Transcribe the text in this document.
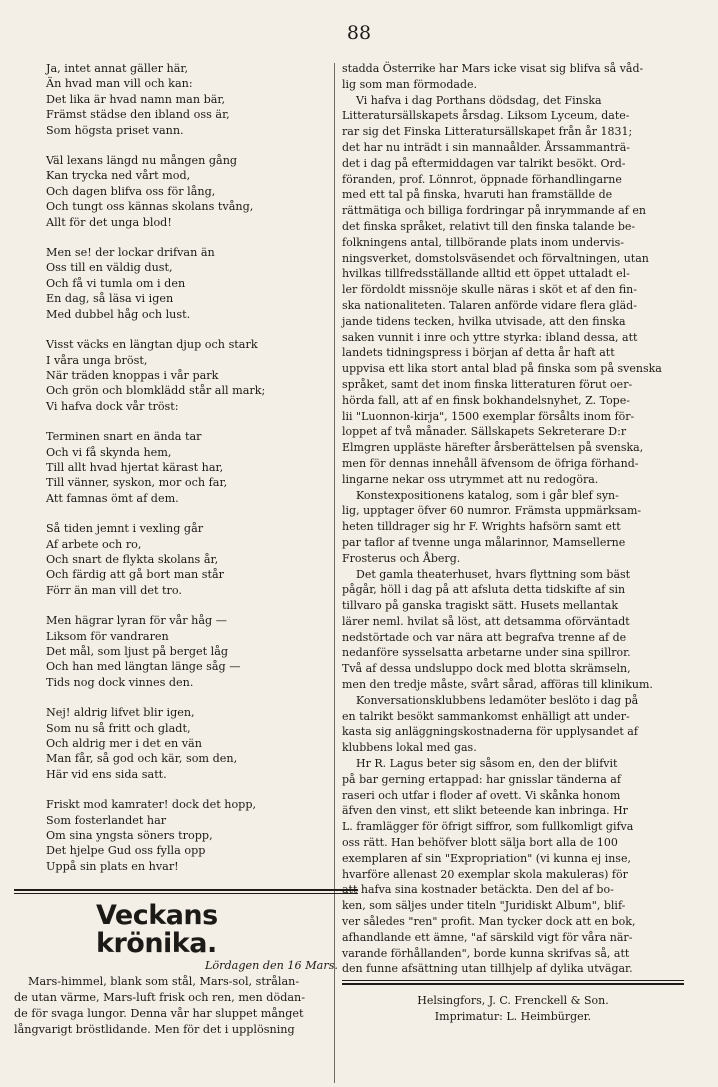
88
Ja, intet annat gäller här,
Än hvad man vill och kan:
Det lika är hvad namn man bär,
Främst städse den ibland oss är,
Som högsta priset vann.
Väl lexans längd nu mången gång
Kan trycka ned vårt mod,
Och dagen blifva oss för lång,
Och tungt oss kännas skolans tvång,
Allt för det unga blod!
Men se! der lockar drifvan än
Oss till en väldig dust,
Och få vi tumla om i den
En dag, så läsa vi igen
Med dubbel håg och lust.
Visst väcks en längtan djup och stark
I våra unga bröst,
När träden knoppas i vår park
Och grön och blomklädd står all mark;
Vi hafva dock vår tröst:
Terminen snart en ända tar
Och vi få skynda hem,
Till allt hvad hjertat kärast har,
Till vänner, syskon, mor och far,
Att famnas ömt af dem.
Så tiden jemnt i vexling går
Af arbete och ro,
Och snart de flykta skolans år,
Och färdig att gå bort man står
Förr än man vill det tro.
Men hägrar lyran för vår håg —
Liksom för vandraren
Det mål, som ljust på berget låg
Och han med längtan länge såg —
Tids nog dock vinnes den.
Nej! aldrig lifvet blir igen,
Som nu så fritt och gladt,
Och aldrig mer i det en vän
Man får, så god och kär, som den,
Här vid ens sida satt.
Friskt mod kamrater! dock det hopp,
Som fosterlandet har
Om sina yngsta söners tropp,
Det hjelpe Gud oss fylla opp
Uppå sin plats en hvar!
Veckans krönika.
Lördagen den 16 Mars.
Mars-himmel, blank som stål, Mars-sol, strålan-
de utan värme, Mars-luft frisk och ren, men dödan-
de för svaga lungor. Denna vår har sluppet månget
långvarigt bröstlidande. Men för det i upplösning
stadda Österrike har Mars icke visat sig blifva så våd-
lig som man förmodade.
Vi hafva i dag Porthans dödsdag, det Finska
Litteratursällskapets årsdag. Liksom Lyceum, date-
rar sig det Finska Litteratursällskapet från år 1831;
det har nu inträdt i sin mannaålder. Årssammanträ-
det i dag på eftermiddagen var talrikt besökt. Ord-
föranden, prof. Lönnrot, öppnade förhandlingarne
med ett tal på finska, hvaruti han framställde de
rättmätiga och billiga fordringar på inrymmande af en
det finska språket, relativt till den finska talande be-
folkningens antal, tillbörande plats inom undervis-
ningsverket, domstolsväsendet och förvaltningen, utan
hvilkas tillfredsställande alltid ett öppet uttaladt el-
ler fördoldt missnöje skulle näras i sköt et af den fin-
ska nationaliteten. Talaren anförde vidare flera gläd-
jande tidens tecken, hvilka utvisade, att den finska
saken vunnit i inre och yttre styrka: ibland dessa, att
landets tidningspress i början af detta år haft att
uppvisa ett lika stort antal blad på finska som på svenska
språket, samt det inom finska litteraturen förut oer-
hörda fall, att af en finsk bokhandelsnyhet, Z. Tope-
lii "Luonnon-kirja", 1500 exemplar försålts inom för-
loppet af två månader. Sällskapets Sekreterare D:r
Elmgren uppläste härefter årsberättelsen på svenska,
men för dennas innehåll äfvensom de öfriga förhand-
lingarne nekar oss utrymmet att nu redogöra.
Konstexpositionens katalog, som i går blef syn-
lig, upptager öfver 60 numror. Främsta uppmärksam-
heten tilldrager sig hr F. Wrights hafsörn samt ett
par taflor af tvenne unga målarinnor, Mamsellerne
Frosterus och Åberg.
Det gamla theaterhuset, hvars flyttning som bäst
pågår, höll i dag på att afsluta detta tidskifte af sin
tillvaro på ganska tragiskt sätt. Husets mellantak
lärer neml. hvilat så löst, att detsamma oförväntadt
nedstörtade och var nära att begrafva trenne af de
nedanföre sysselsatta arbetarne under sina spillror.
Två af dessa undsluppo dock med blotta skrämseln,
men den tredje måste, svårt sårad, afföras till klinikum.
Konversationsklubbens ledamöter beslöto i dag på
en talrikt besökt sammankomst enhälligt att under-
kasta sig anläggningskostnaderna för upplysandet af
klubbens lokal med gas.
Hr R. Lagus beter sig såsom en, den der blifvit
på bar gerning ertappad: har gnisslar tänderna af
raseri och utfar i floder af ovett. Vi skånka honom
äfven den vinst, ett slikt beteende kan inbringa. Hr
L. framlägger för öfrigt siffror, som fullkomligt gifva
oss rätt. Han behöfver blott sälja bort alla de 100
exemplaren af sin "Expropriation" (vi kunna ej inse,
hvarföre allenast 20 exemplar skola makuleras) för
att hafva sina kostnader betäckta. Den del af bo-
ken, som säljes under titeln "Juridiskt Album", blif-
ver således "ren" profit. Man tycker dock att en bok,
afhandlande ett ämne, "af särskild vigt för våra när-
varande förhållanden", borde kunna skrifvas så, att
den funne afsättning utan tillhjelp af dylika utvägar.
Helsingfors, J. C. Frenckell & Son.
Imprimatur: L. Heimbürger.
